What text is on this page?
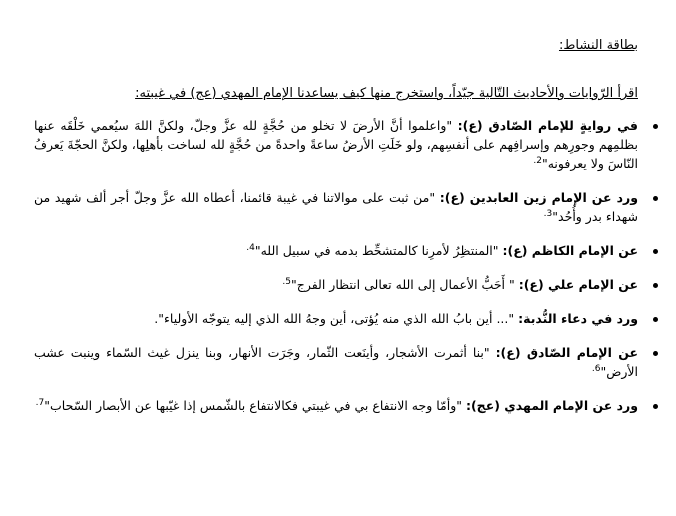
بطاقة النشاط:
اقرأ الرّوايات والأحاديث التّالية جيّداً، واستخرج منها كيف يساعدنا الإمام المهدي (عج) في غيبته:
في روايةٍ للإمام الصّادق (ع): "واعلموا أنَّ الأرضَ لا تخلو من حُجَّةٍ لله عزَّ وجلّ، ولكنَّ اللهَ سيُعمي خَلْقَه عنها بظلمِهم وجورِهم وإسرافِهم على أنفسِهم، ولو خَلَتِ الأرضُ ساعةً واحدةً من حُجَّةٍ لله لساخت بأهلِها، ولكنَّ الحجّةَ يَعرفُ النّاسَ ولا يعرفونه"$^{2.}$
ورد عن الإمام زين العابدين (ع): "من ثبت على موالاتنا في غيبة قائمنا، أعطاه الله عزَّ وجلّ أجر ألف شهيد من شهداء بدر وأُحُد"$^{3.}$
عن الإمام الكاظم (ع): "المنتظِرُ لأمرِنا كالمتشحِّط بدمه في سبيل الله"$^{4.}$
عن الإمام علي (ع): " أَحَبُّ الأعمال إلى الله تعالى انتظار الفرج"$^{5.}$
ورد في دعاء النُّدبة: "... أين بابُ الله الذي منه يُؤتى، أين وجهُ الله الذي إليه يتوجّه الأولياء".
عن الإمام الصّادق (ع): "بنا أثمرت الأشجار، وأينَعت الثّمار، وجَرَت الأنهار، وبنا ينزل غيث السّماء وينبت عشب الأرض"$^{6.}$
ورد عن الإمام المهدي (عج): "وأمّا وجه الانتفاع بي في غيبتي فكالانتفاع بالشّمس إذا غيّبها عن الأبصار السّحاب"$^{7.}$
